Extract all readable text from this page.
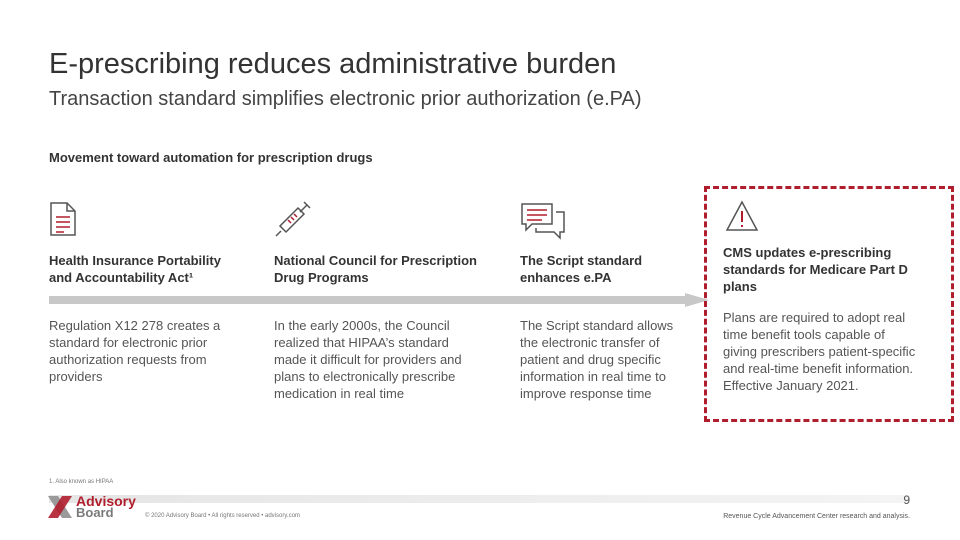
E-prescribing reduces administrative burden
Transaction standard simplifies electronic prior authorization (e.PA)
Movement toward automation for prescription drugs
Health Insurance Portability and Accountability Act¹
Regulation X12 278 creates a standard for electronic prior authorization requests from providers
National Council for Prescription Drug Programs
In the early 2000s, the Council realized that HIPAA’s standard made it difficult for providers and plans to electronically prescribe medication in real time
The Script standard enhances e.PA
The Script standard allows the electronic transfer of patient and drug specific information in real time to improve response time
CMS updates e-prescribing standards for Medicare Part D plans
Plans are required to adopt real time benefit tools capable of giving prescribers patient-specific and real-time benefit information. Effective January 2021.
1. Also known as HIPAA
9
Advisory
Board	© 2020 Advisory Board • All rights reserved • advisory.com	Revenue Cycle Advancement Center research and analysis.
